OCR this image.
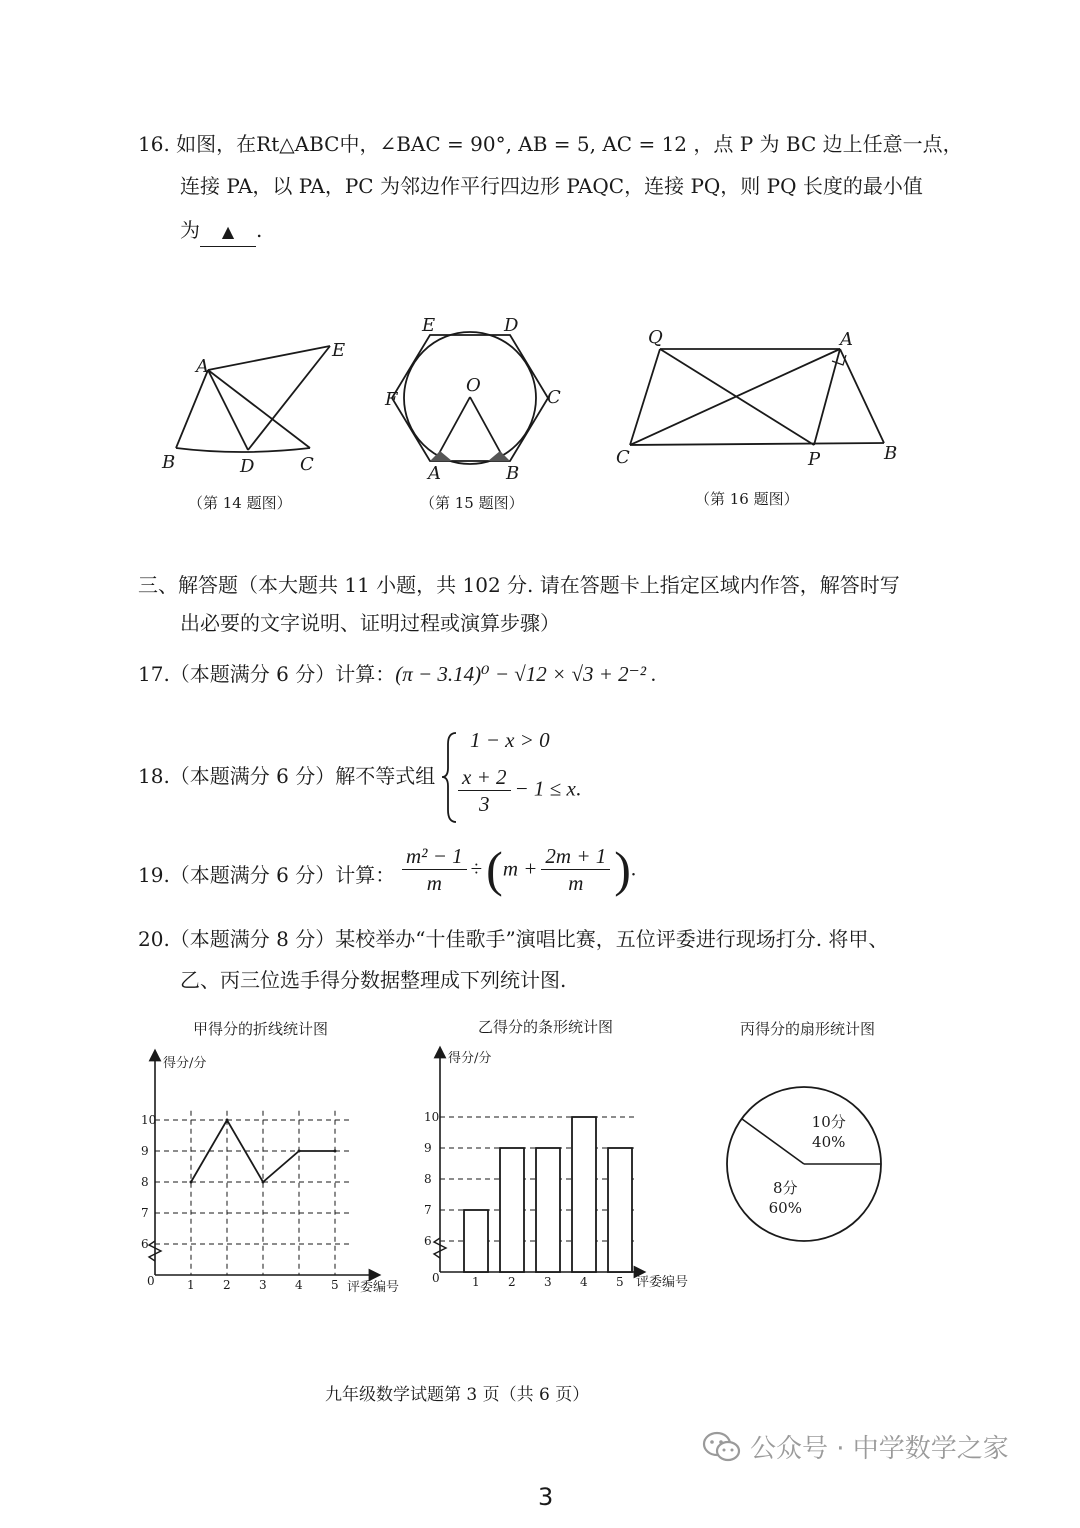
16. 如图，在Rt△ABC中，∠BAC = 90°, AB = 5, AC = 12 ，点 P 为 BC 边上任意一点，
连接 PA，以 PA，PC 为邻边作平行四边形 PAQC，连接 PQ，则 PQ 长度的最小值
为 ▲ .
A
E
B	D	C
（第 14 题图）
E	D
F	C
O
A	B
（第 15 题图）
Q	A
C	P	B
（第 16 题图）
三、解答题（本大题共 11 小题，共 102 分. 请在答题卡上指定区域内作答，解答时写
出必要的文字说明、证明过程或演算步骤）
17.（本题满分 6 分）计算：(π − 3.14)⁰ − √12 × √3 + 2⁻² .
18.（本题满分 6 分）解不等式组
1 − x > 0
$\frac{x + 2}{3} - 1 \le x$.
19.（本题满分 6 分）计算： $\frac{\text{m² − 1}}{m} \div(m + \frac{2m + 1}{m}$ ).
20.（本题满分 8 分）某校举办“十佳歌手”演唱比赛，五位评委进行现场打分. 将甲、
乙、丙三位选手得分数据整理成下列统计图.
甲得分的折线统计图	乙得分的条形统计图	丙得分的扇形统计图
得分/分
评委编号
0
6
7
8
9
10
1 2 3 4 5
得分/分
评委编号
0
6
7
8
9
10
1 2 3 4 5
10分
40%
8分
60%
九年级数学试题第 3 页（共 6 页）
公众号 · 中学数学之家
3
